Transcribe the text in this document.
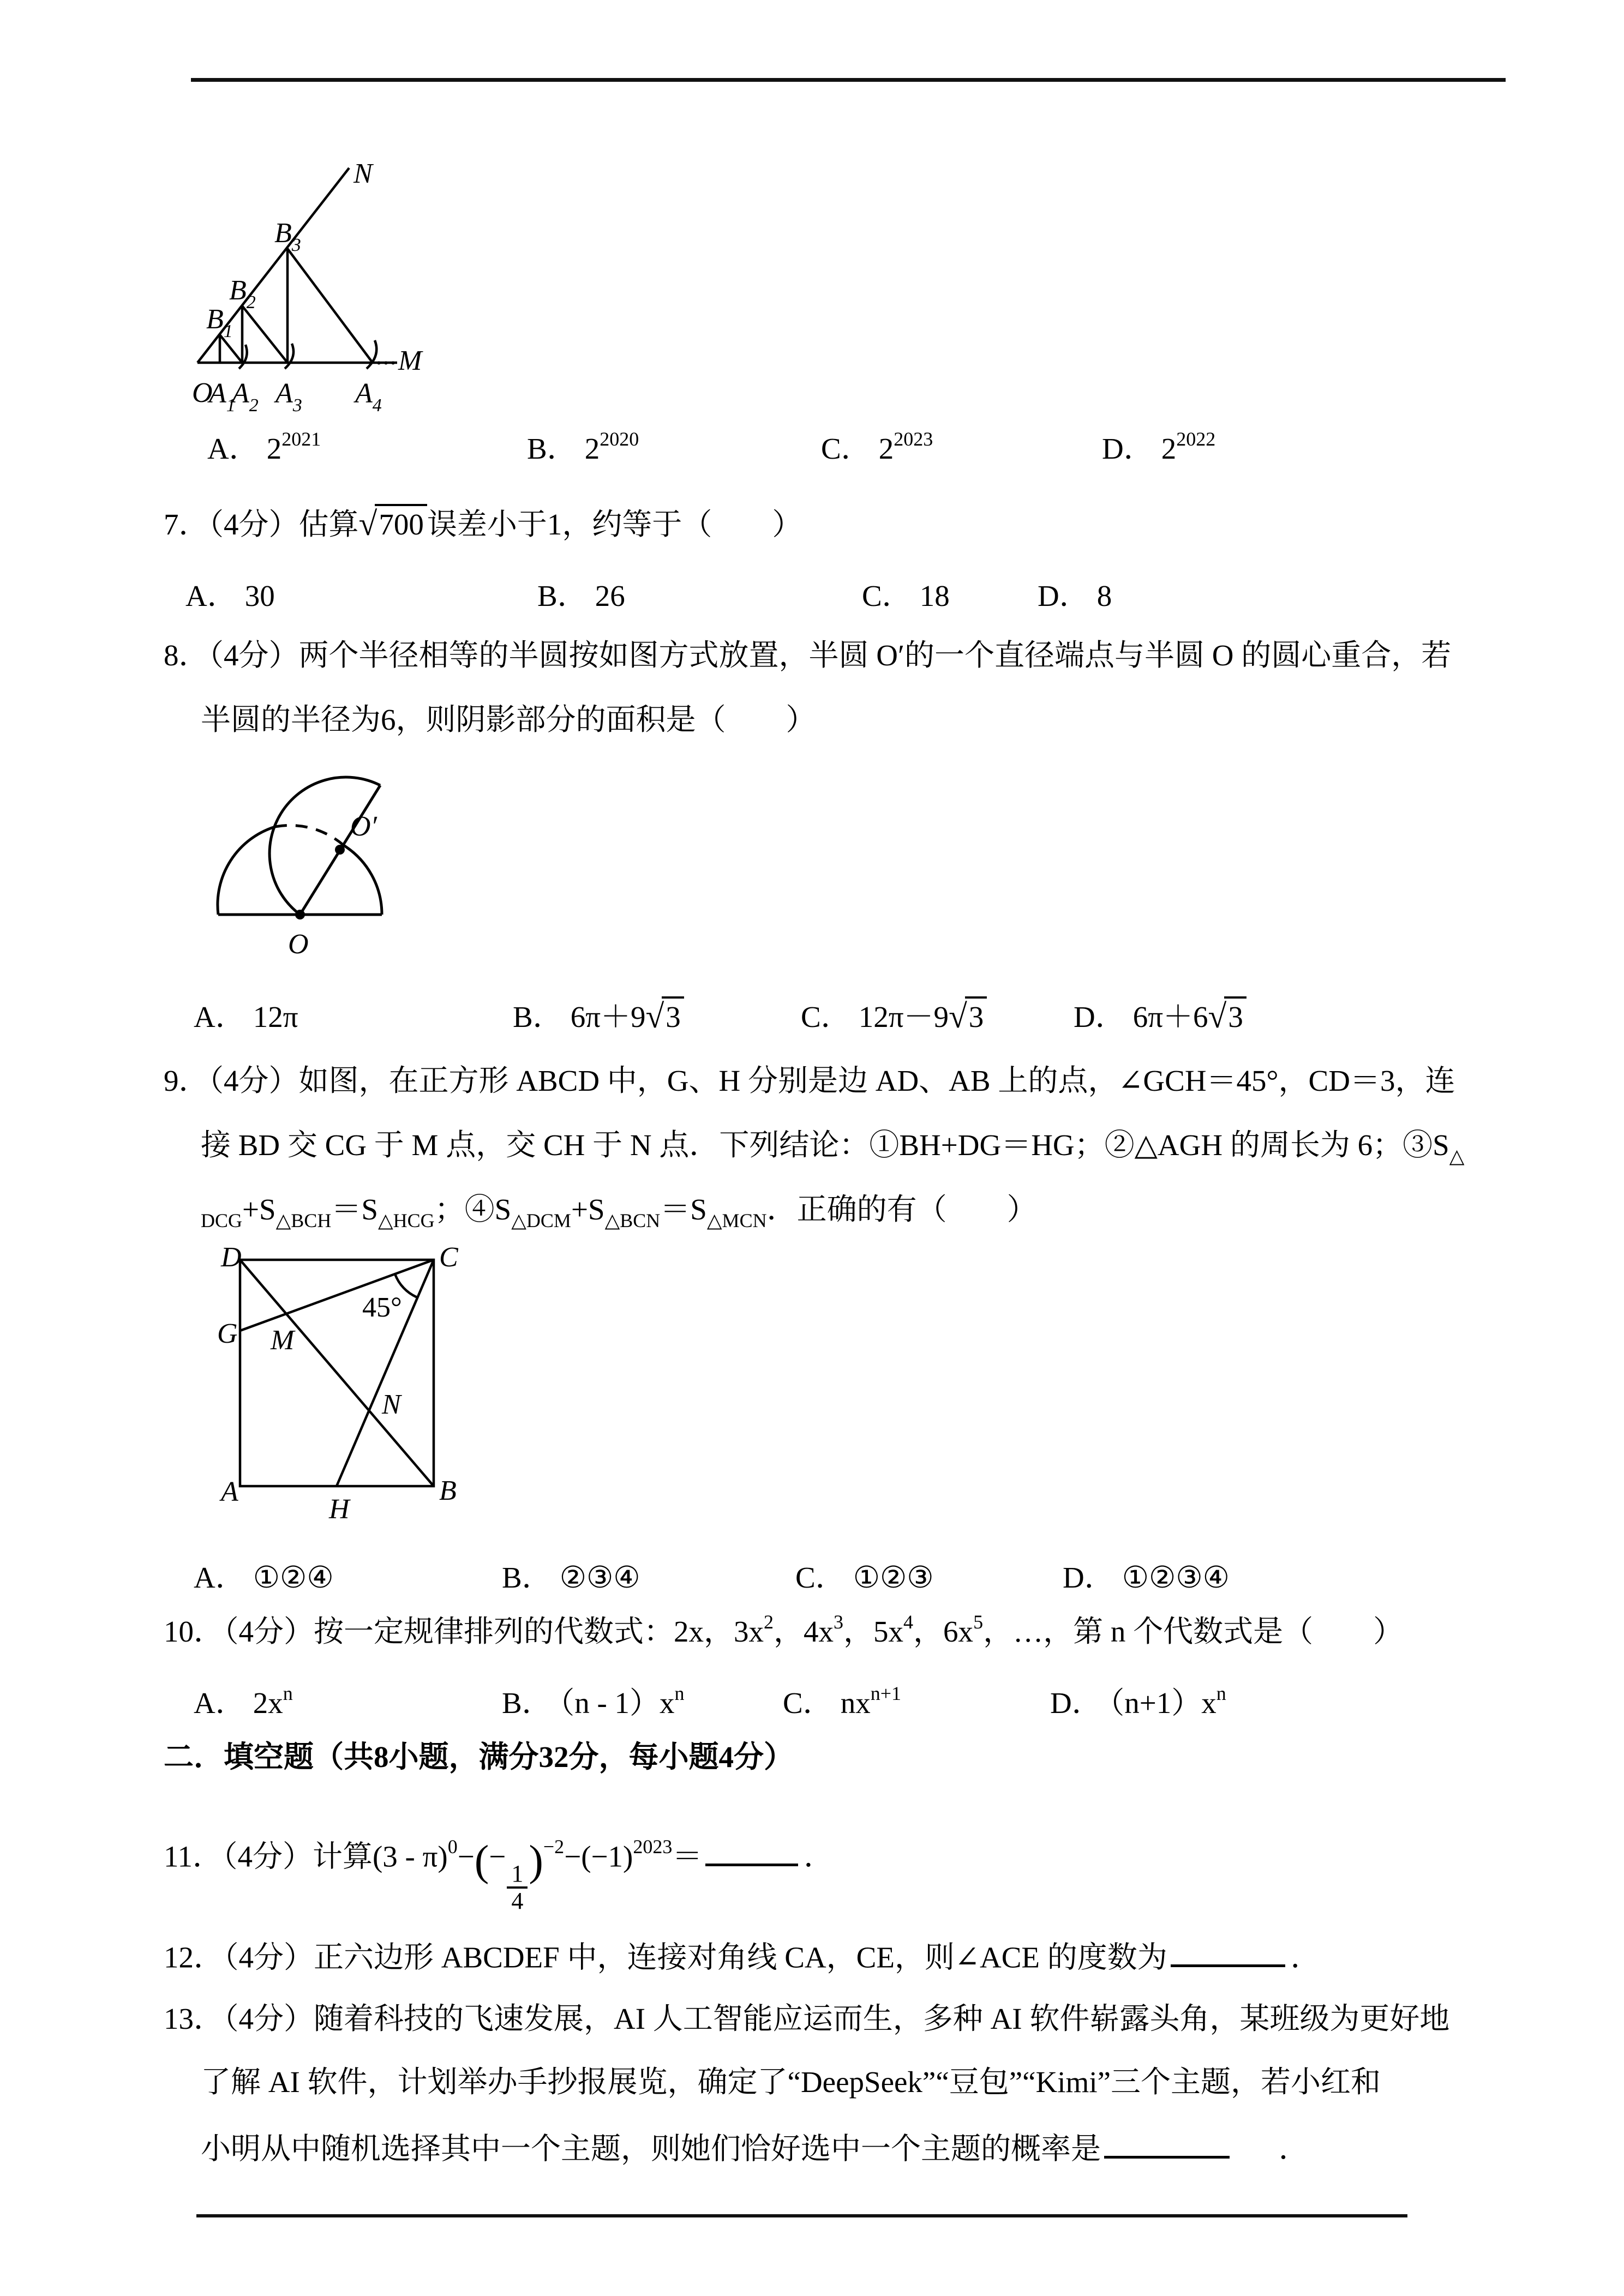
N
M
...
O
$B_1$
$B_2$
$B_3$
$A_1$
$A_2$ $A_3$ $A_4$
A． $2^{2021}$	B． $2^{2020}$	C． $2^{2023}$	D． $2^{2022}$
7．（4分）估算√700 误差小于1，约等于（　　）
A． 30	B． 26	C． 18	D． 8
8．（4分）两个半径相等的半圆按如图方式放置，半圆 O′的一个直径端点与半圆 O 的圆心重合，若
半圆的半径为6，则阴影部分的面积是（　　）
O
O′
A． 12π	B． 6π＋9√3	C． 12π－9√3	D． 6π＋6√3
9．（4分）如图，在正方形 ABCD 中，G、H 分别是边 AD、AB 上的点，∠GCH＝45°，CD＝3，连
接 BD 交 CG 于 M 点，交 CH 于 N 点．下列结论：①BH+DG＝HG；②△AGH 的周长为 6；$③S_\triangle$
$_{DCG}+S_{\triangle BCH}=S_{\triangle HCG}$；$④S_{\triangle DCM}+S_{\triangle BCN}=S_{\triangle MCN}$．正确的有（　　）
D	C
G
A	B
H
M
N
45°
A． ①②④	B． ②③④	C． ①②③	D． ①②③④
10．（4分）按一定规律排列的代数式：2x，$3x^2$，$4x^3$，$5x^4$，$6x^5$，…，第 n 个代数式是（　　）
A． $2x^n$	B． $(n - 1)x^n$	C． $nx^{n+1}$	D． $(n+1)x^n$
二．填空题（共8小题，满分32分，每小题4分）
11．（4分）计算(3 - π)$^0$−(−
$\frac{1}{4}$
)$^{-2}-(-1)^{2023}=$	．
12．（4分）正六边形 ABCDEF 中，连接对角线 CA，CE，则∠ACE 的度数为	．
13．（4分）随着科技的飞速发展，AI 人工智能应运而生，多种 AI 软件崭露头角，某班级为更好地
了解 AI 软件，计划举办手抄报展览，确定了“DeepSeek”“豆包”“Kimi”三个主题，若小红和
小明从中随机选择其中一个主题，则她们恰好选中一个主题的概率是	．
